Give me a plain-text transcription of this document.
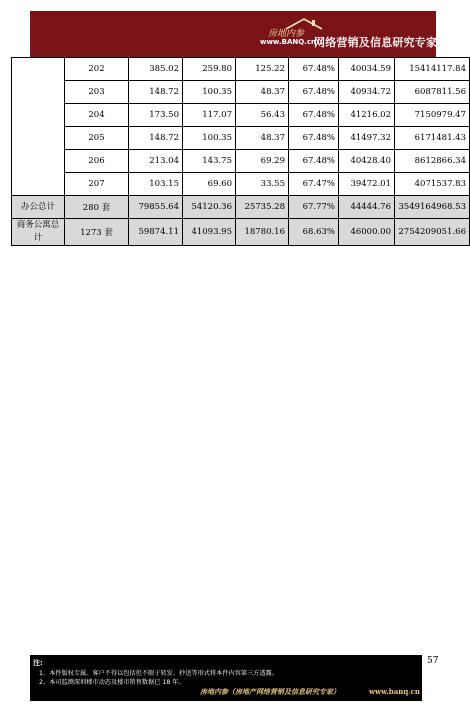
房地内参
www.BANQ.cn
网络营销及信息研究专家
	202	385.02	259.80	125.22	67.48%	40034.59	15414117.84
	203	148.72	100.35	48.37	67.48%	40934.72	6087811.56
	204	173.50	117.07	56.43	67.48%	41216.02	7150979.47
	205	148.72	100.35	48.37	67.48%	41497.32	6171481.43
	206	213.04	143.75	69.29	67.48%	40428.40	8612866.34
	207	103.15	69.60	33.55	67.47%	39472.01	4071537.83
办公总计	280 套	79855.64	54120.36	25735.28	67.77%	44444.76	3549164968.53
商务公寓总计	1273 套	59874.11	41093.95	18780.16	68.63%	46000.00	2754209051.66
57
注:
1、本件版权专属。客户不得以包括但不限于转发、抄送等形式将本件内容第三方透露。
2、本司监测深圳楼市动态及楼市销售数据已 18 年。
房地内参（房地产网络营销及信息研究专家）	www.banq.cn
